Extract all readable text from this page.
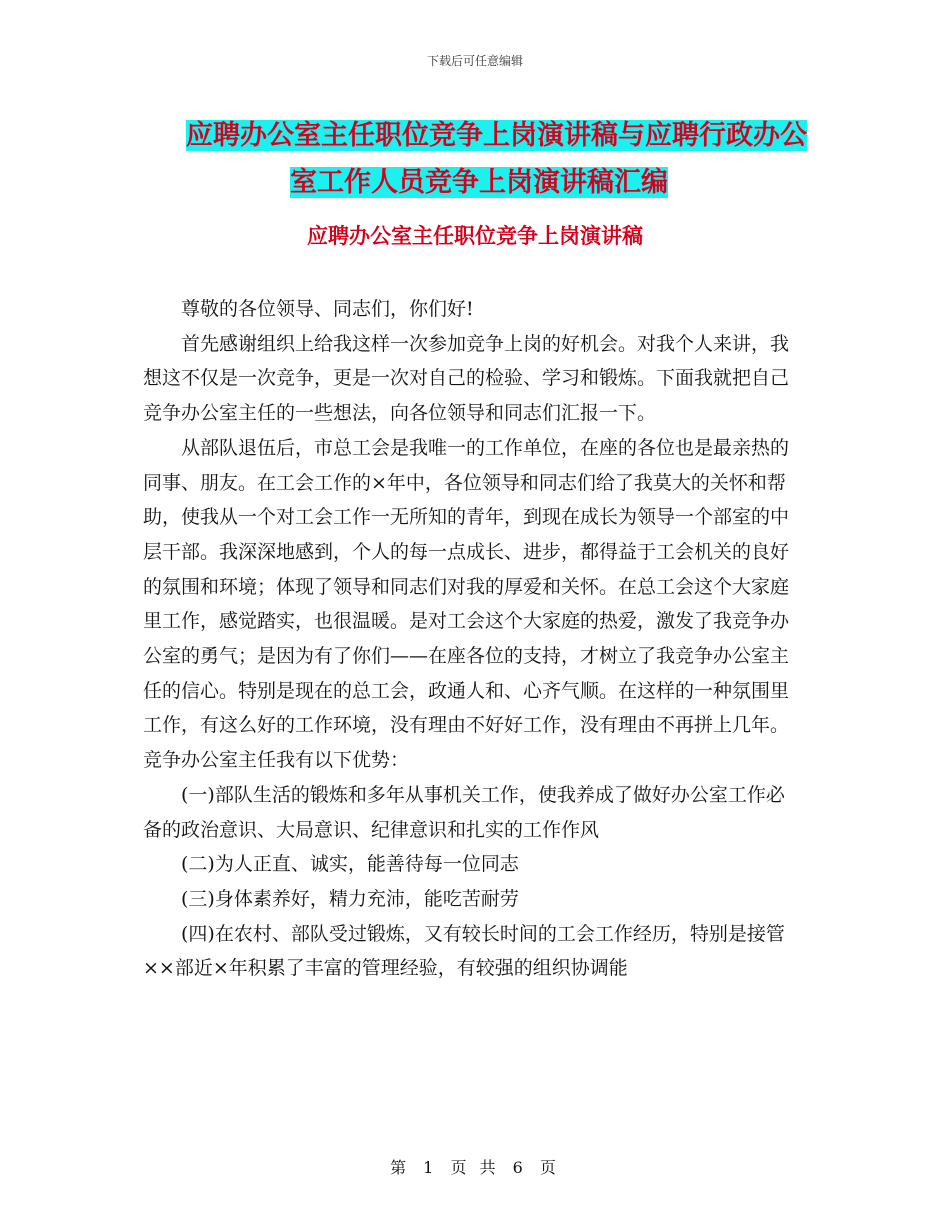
下载后可任意编辑
应聘办公室主任职位竞争上岗演讲稿与应聘行政办公
室工作人员竞争上岗演讲稿汇编
应聘办公室主任职位竞争上岗演讲稿

尊敬的各位领导、同志们，你们好!

首先感谢组织上给我这样一次参加竞争上岗的好机会。对我个人来讲，我想这不仅是一次竞争，更是一次对自己的检验、学习和锻炼。下面我就把自己竞争办公室主任的一些想法，向各位领导和同志们汇报一下。

从部队退伍后，市总工会是我唯一的工作单位，在座的各位也是最亲热的同事、朋友。在工会工作的×年中，各位领导和同志们给了我莫大的关怀和帮助，使我从一个对工会工作一无所知的青年，到现在成长为领导一个部室的中层干部。我深深地感到，个人的每一点成长、进步，都得益于工会机关的良好的氛围和环境；体现了领导和同志们对我的厚爱和关怀。在总工会这个大家庭里工作，感觉踏实，也很温暖。是对工会这个大家庭的热爱，激发了我竞争办公室的勇气；是因为有了你们——在座各位的支持，才树立了我竞争办公室主任的信心。特别是现在的总工会，政通人和、心齐气顺。在这样的一种氛围里工作，有这么好的工作环境，没有理由不好好工作，没有理由不再拼上几年。竞争办公室主任我有以下优势：

(一)部队生活的锻炼和多年从事机关工作，使我养成了做好办公室工作必备的政治意识、大局意识、纪律意识和扎实的工作作风

(二)为人正直、诚实，能善待每一位同志

(三)身体素养好，精力充沛，能吃苦耐劳

(四)在农村、部队受过锻炼，又有较长时间的工会工作经历，特别是接管××部近×年积累了丰富的管理经验，有较强的组织协调能

第 1 页 共 6 页
